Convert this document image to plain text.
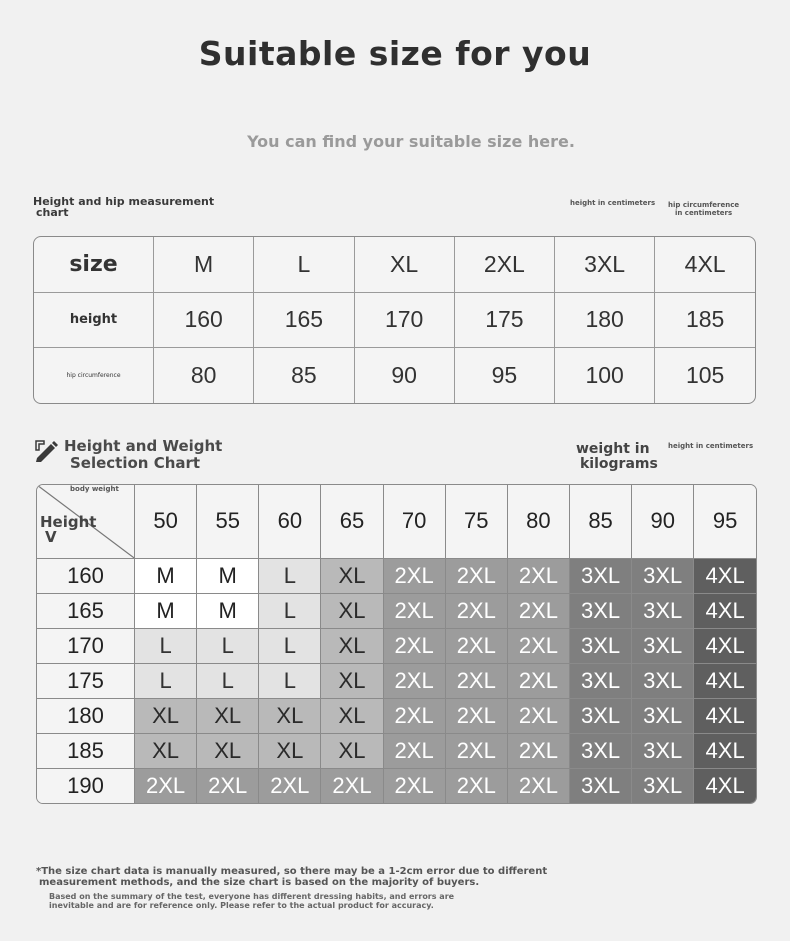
Suitable size for you
You can find your suitable size here.
Height and hip measurement
chart
height in centimeters hip circumference
in centimeters
size	M	L	XL	2XL	3XL	4XL
height	160	165	170	175	180	185
hip circumference	80	85	90	95	100	105
Height and Weight
Selection Chart
weight in
kilograms
height in centimeters
body weight
Height
V	50	55	60	65	70	75	80	85	90	95
160	M	M	L	XL	2XL	2XL	2XL	3XL	3XL	4XL
165	M	M	L	XL	2XL	2XL	2XL	3XL	3XL	4XL
170	L	L	L	XL	2XL	2XL	2XL	3XL	3XL	4XL
175	L	L	L	XL	2XL	2XL	2XL	3XL	3XL	4XL
180	XL	XL	XL	XL	2XL	2XL	2XL	3XL	3XL	4XL
185	XL	XL	XL	XL	2XL	2XL	2XL	3XL	3XL	4XL
190	2XL	2XL	2XL	2XL	2XL	2XL	2XL	3XL	3XL	4XL
*The size chart data is manually measured, so there may be a 1-2cm error due to different
measurement methods, and the size chart is based on the majority of buyers.
Based on the summary of the test, everyone has different dressing habits, and errors are
inevitable and are for reference only. Please refer to the actual product for accuracy.
